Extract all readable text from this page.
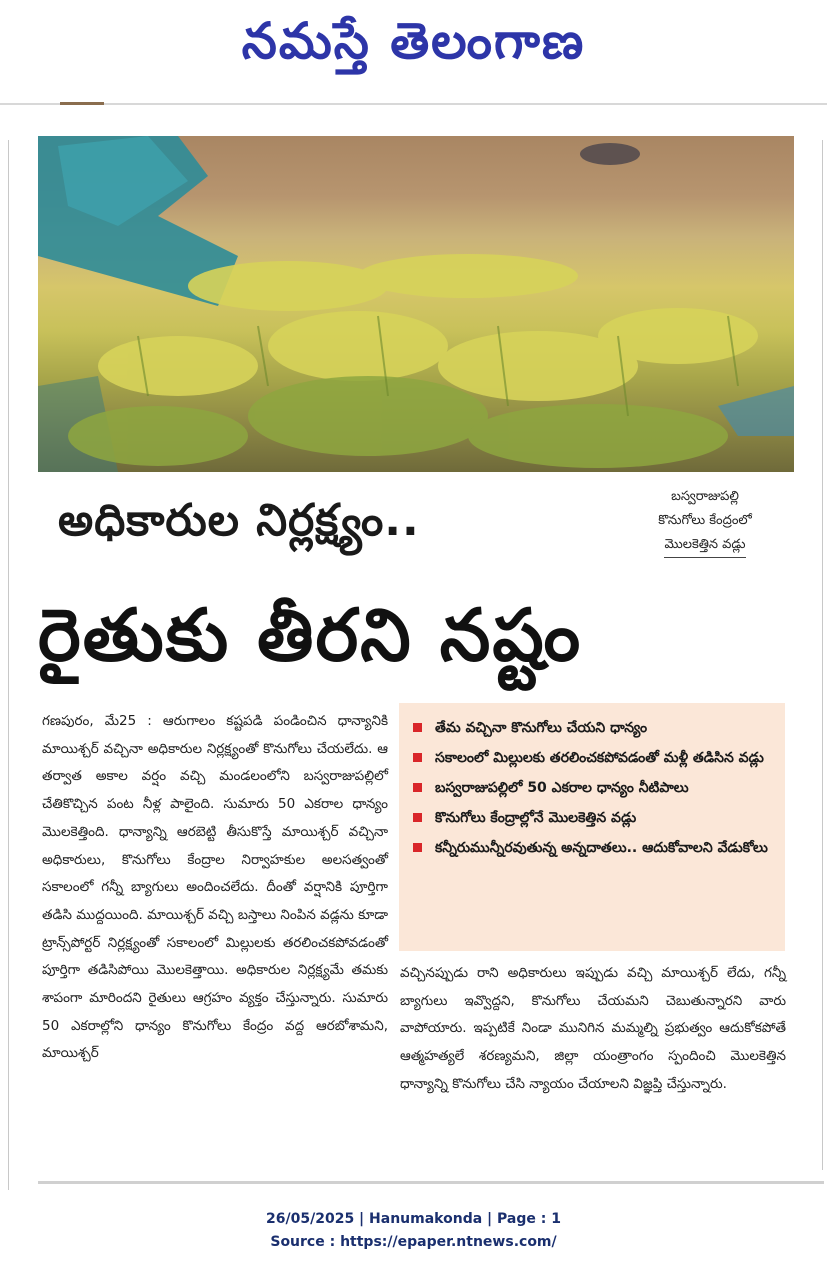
నమస్తే తెలంగాణ
అధికారుల నిర్లక్ష్యం..	బస్వరాజుపల్లి
కొనుగోలు కేంద్రంలో
మొలకెత్తిన వడ్లు
రైతుకు తీరని నష్టం
గణపురం, మే25 : ఆరుగాలం కష్టపడి పండించిన ధాన్యానికి మాయిశ్చర్ వచ్చినా అధికారుల నిర్లక్ష్యంతో కొనుగోలు చేయలేదు. ఆ తర్వాత అకాల వర్షం వచ్చి మండలంలోని బస్వరాజుపల్లిలో చేతికొచ్చిన పంట నీళ్ల పాలైంది. సుమారు 50 ఎకరాల ధాన్యం మొలకెత్తింది. ధాన్యాన్ని ఆరబెట్టి తీసుకొస్తే మాయిశ్చర్ వచ్చినా అధికారులు, కొనుగోలు కేంద్రాల నిర్వాహకుల అలసత్వంతో సకాలంలో గన్నీ బ్యాగులు అందించలేదు. దీంతో వర్షానికి పూర్తిగా తడిసి ముద్దయింది. మాయిశ్చర్ వచ్చి బస్తాలు నింపిన వడ్లను కూడా ట్రాన్స్‌పోర్టర్ నిర్లక్ష్యంతో సకాలంలో మిల్లులకు తరలించకపోవడంతో పూర్తిగా తడిసిపోయి మొలకెత్తాయి. అధికారుల నిర్లక్ష్యమే తమకు శాపంగా మారిందని రైతులు ఆగ్రహం వ్యక్తం చేస్తున్నారు. సుమారు 50 ఎకరాల్లోని ధాన్యం కొనుగోలు కేంద్రం వద్ద ఆరబోశామని, మాయిశ్చర్
తేమ వచ్చినా కొనుగోలు చేయని ధాన్యం
సకాలంలో మిల్లులకు తరలించకపోవడంతో మళ్లీ తడిసిన వడ్లు
బస్వరాజుపల్లిలో 50 ఎకరాల ధాన్యం నీటిపాలు
కొనుగోలు కేంద్రాల్లోనే మొలకెత్తిన వడ్లు
కన్నీరుమున్నీరవుతున్న అన్నదాతలు.. ఆదుకోవాలని వేడుకోలు
వచ్చినప్పుడు రాని అధికారులు ఇప్పుడు వచ్చి మాయిశ్చర్ లేదు, గన్నీ బ్యాగులు ఇవ్వొద్దని, కొనుగోలు చేయమని చెబుతున్నారని వారు వాపోయారు. ఇప్పటికే నిండా మునిగిన మమ్మల్ని ప్రభుత్వం ఆదుకోకపోతే ఆత్మహత్యలే శరణ్యమని, జిల్లా యంత్రాంగం స్పందించి మొలకెత్తిన ధాన్యాన్ని కొనుగోలు చేసి న్యాయం చేయాలని విజ్ఞప్తి చేస్తున్నారు.
26/05/2025 | Hanumakonda | Page : 1
Source : https://epaper.ntnews.com/
